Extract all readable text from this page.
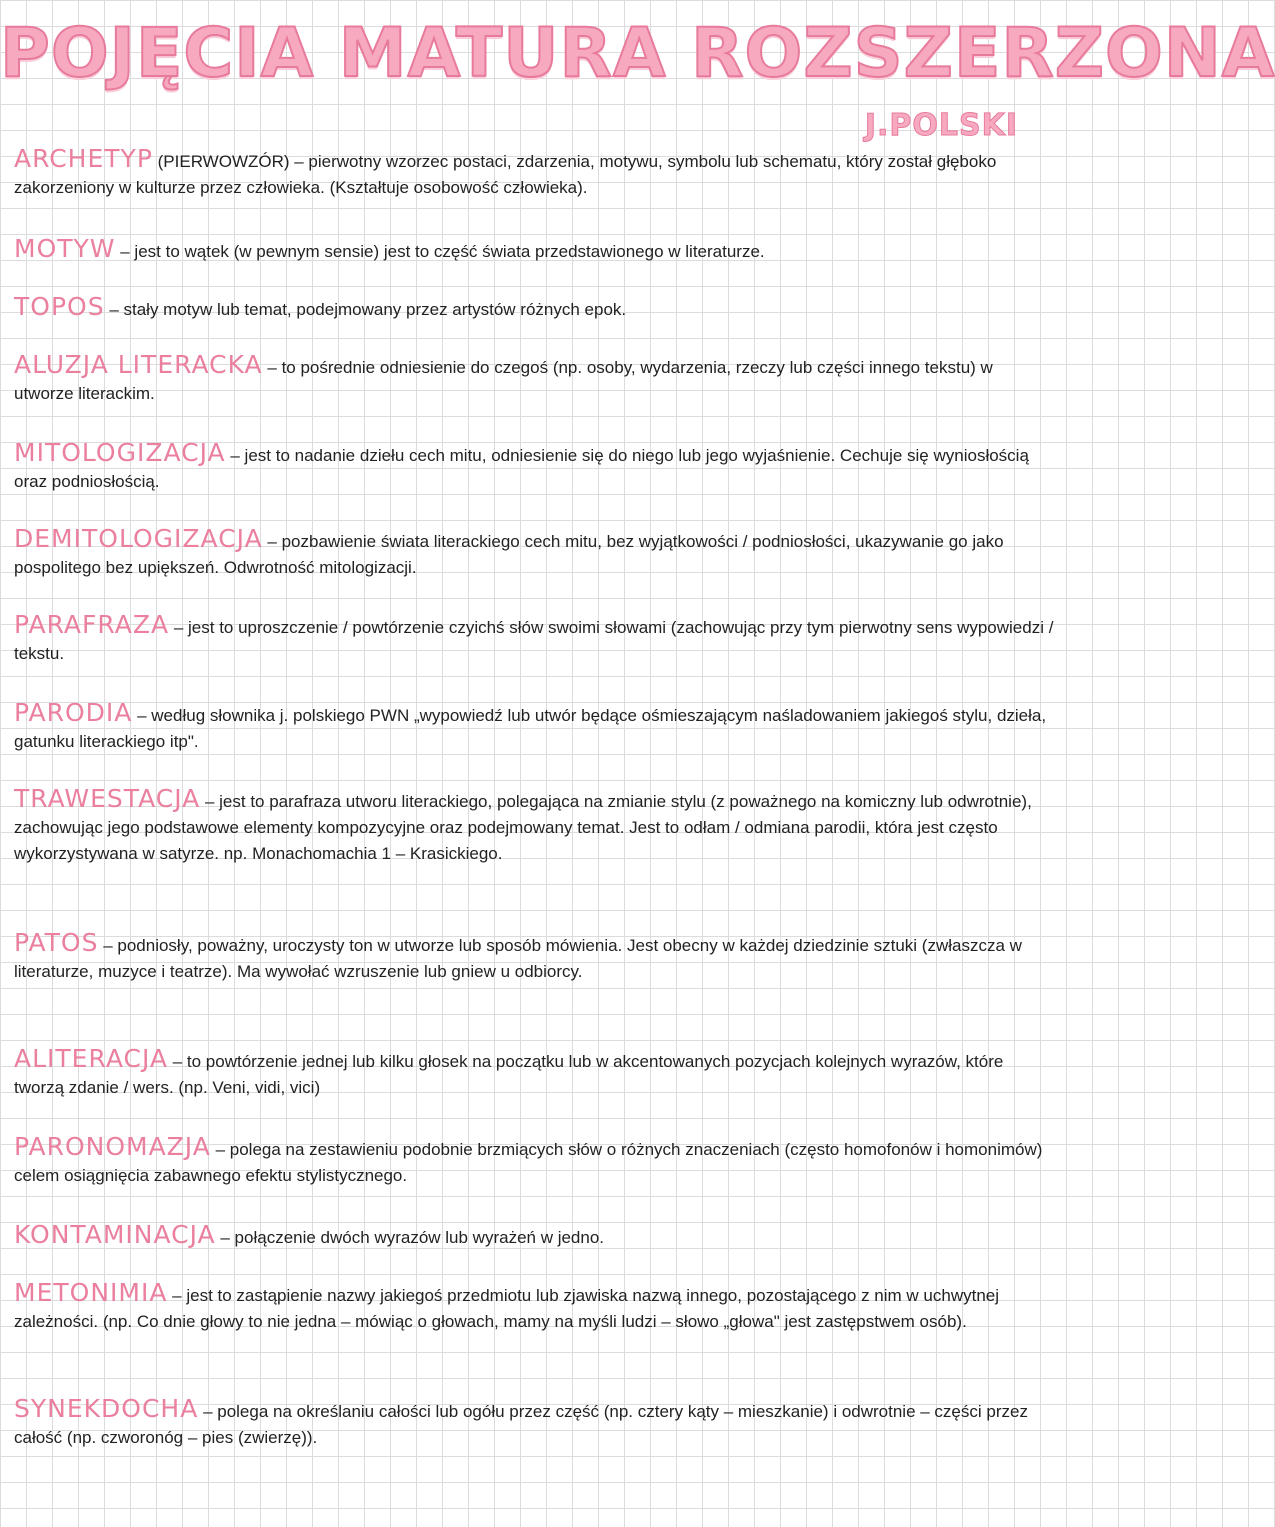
POJĘCIA MATURA ROZSZERZONA
J.POLSKI
ARCHETYP (PIERWOWZÓR) – pierwotny wzorzec postaci, zdarzenia, motywu, symbolu lub schematu, który został głęboko zakorzeniony w kulturze przez człowieka. (Kształtuje osobowość człowieka).
MOTYW – jest to wątek (w pewnym sensie) jest to część świata przedstawionego w literaturze.
TOPOS – stały motyw lub temat, podejmowany przez artystów różnych epok.
ALUZJA LITERACKA – to pośrednie odniesienie do czegoś (np. osoby, wydarzenia, rzeczy lub części innego tekstu) w utworze literackim.
MITOLOGIZACJA – jest to nadanie dziełu cech mitu, odniesienie się do niego lub jego wyjaśnienie. Cechuje się wyniosłością oraz podniosłością.
DEMITOLOGIZACJA – pozbawienie świata literackiego cech mitu, bez wyjątkowości / podniosłości, ukazywanie go jako pospolitego bez upiększeń. Odwrotność mitologizacji.
PARAFRAZA – jest to uproszczenie / powtórzenie czyichś słów swoimi słowami (zachowując przy tym pierwotny sens wypowiedzi / tekstu.
PARODIA – według słownika j. polskiego PWN „wypowiedź lub utwór będące ośmieszającym naśladowaniem jakiegoś stylu, dzieła, gatunku literackiego itp".
TRAWESTACJA – jest to parafraza utworu literackiego, polegająca na zmianie stylu (z poważnego na komiczny lub odwrotnie), zachowując jego podstawowe elementy kompozycyjne oraz podejmowany temat. Jest to odłam / odmiana parodii, która jest często wykorzystywana w satyrze. np. Monachomachia 1 – Krasickiego.
PATOS – podniosły, poważny, uroczysty ton w utworze lub sposób mówienia. Jest obecny w każdej dziedzinie sztuki (zwłaszcza w literaturze, muzyce i teatrze). Ma wywołać wzruszenie lub gniew u odbiorcy.
ALITERACJA – to powtórzenie jednej lub kilku głosek na początku lub w akcentowanych pozycjach kolejnych wyrazów, które tworzą zdanie / wers. (np. Veni, vidi, vici)
PARONOMAZJA – polega na zestawieniu podobnie brzmiących słów o różnych znaczeniach (często homofonów i homonimów) celem osiągnięcia zabawnego efektu stylistycznego.
KONTAMINACJA – połączenie dwóch wyrazów lub wyrażeń w jedno.
METONIMIA – jest to zastąpienie nazwy jakiegoś przedmiotu lub zjawiska nazwą innego, pozostającego z nim w uchwytnej zależności. (np. Co dnie głowy to nie jedna – mówiąc o głowach, mamy na myśli ludzi – słowo „głowa" jest zastępstwem osób).
SYNEKDOCHA – polega na określaniu całości lub ogółu przez część (np. cztery kąty – mieszkanie) i odwrotnie – części przez całość (np. czworonóg – pies (zwierzę)).
